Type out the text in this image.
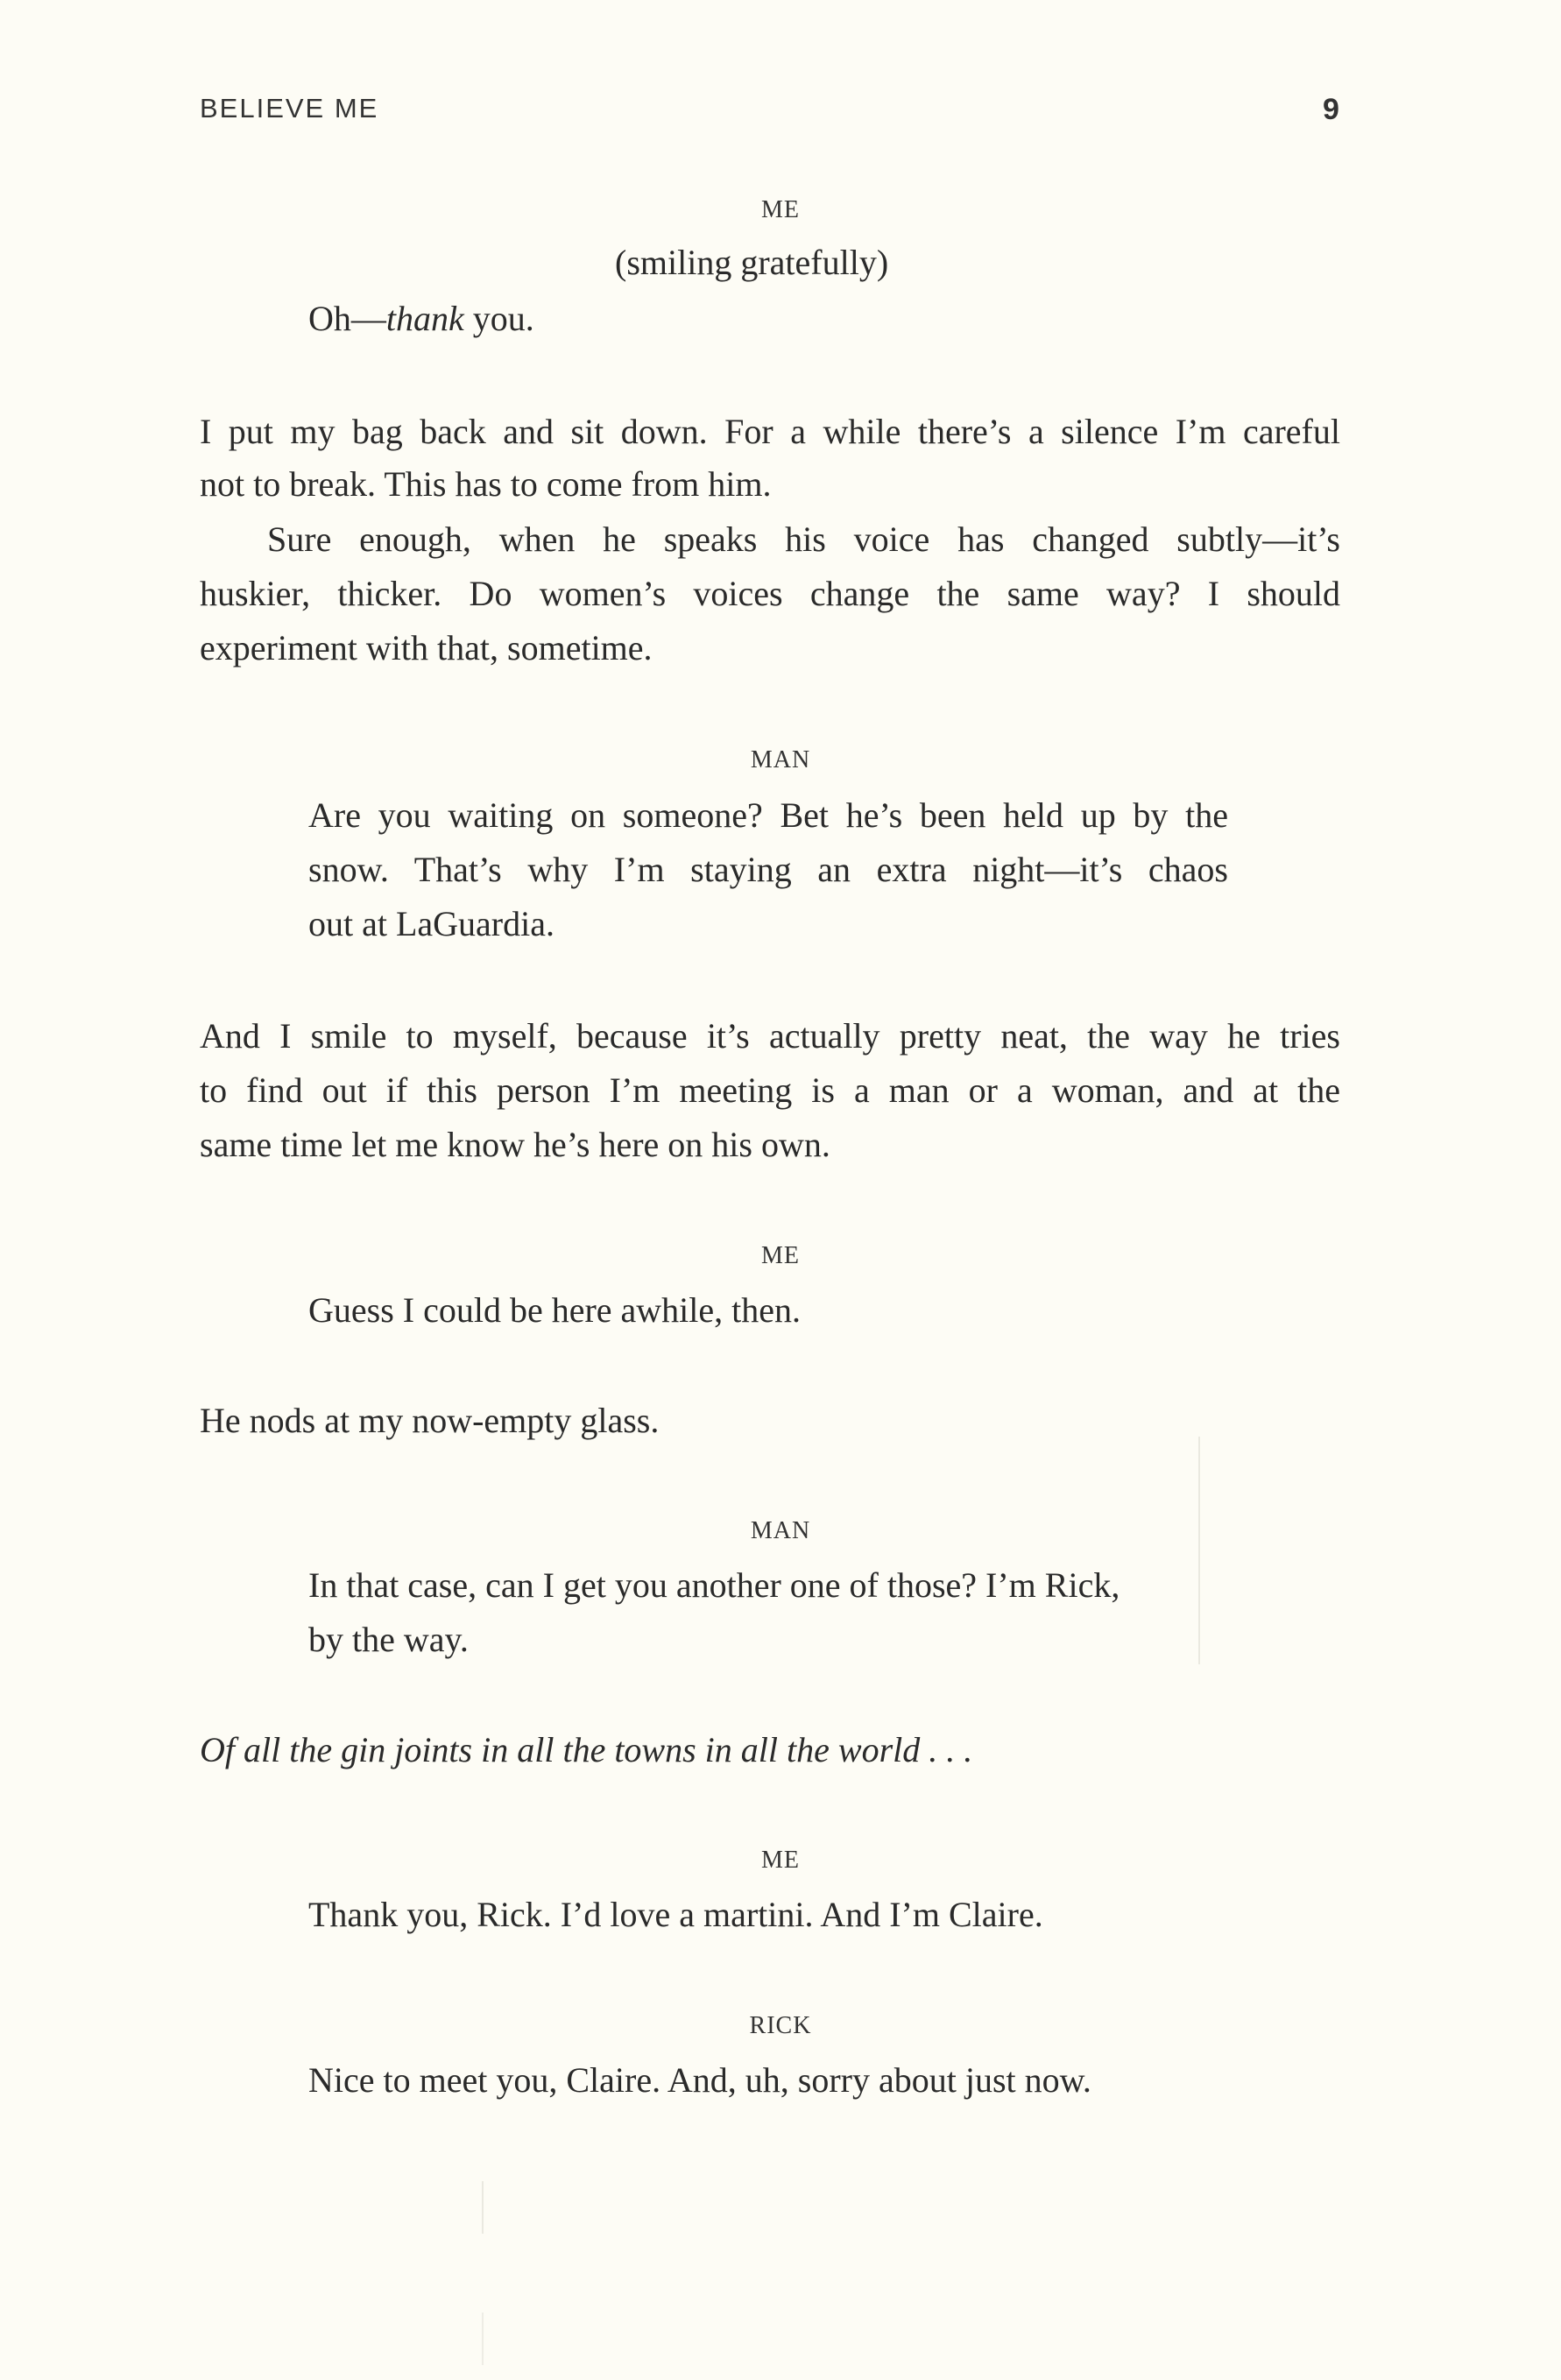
BELIEVE ME	9
ME
(smiling gratefully)
Oh—thank you.
I put my bag back and sit down. For a while there’s a silence I’m careful
not to break. This has to come from him.
Sure enough, when he speaks his voice has changed subtly—it’s
huskier, thicker. Do women’s voices change the same way? I should
experiment with that, sometime.
MAN
Are you waiting on someone? Bet he’s been held up by the
snow. That’s why I’m staying an extra night—it’s chaos
out at LaGuardia.
And I smile to myself, because it’s actually pretty neat, the way he tries
to find out if this person I’m meeting is a man or a woman, and at the
same time let me know he’s here on his own.
ME
Guess I could be here awhile, then.
He nods at my now-empty glass.
MAN
In that case, can I get you another one of those? I’m Rick,
by the way.
Of all the gin joints in all the towns in all the world . . .
ME
Thank you, Rick. I’d love a martini. And I’m Claire.
RICK
Nice to meet you, Claire. And, uh, sorry about just now.
